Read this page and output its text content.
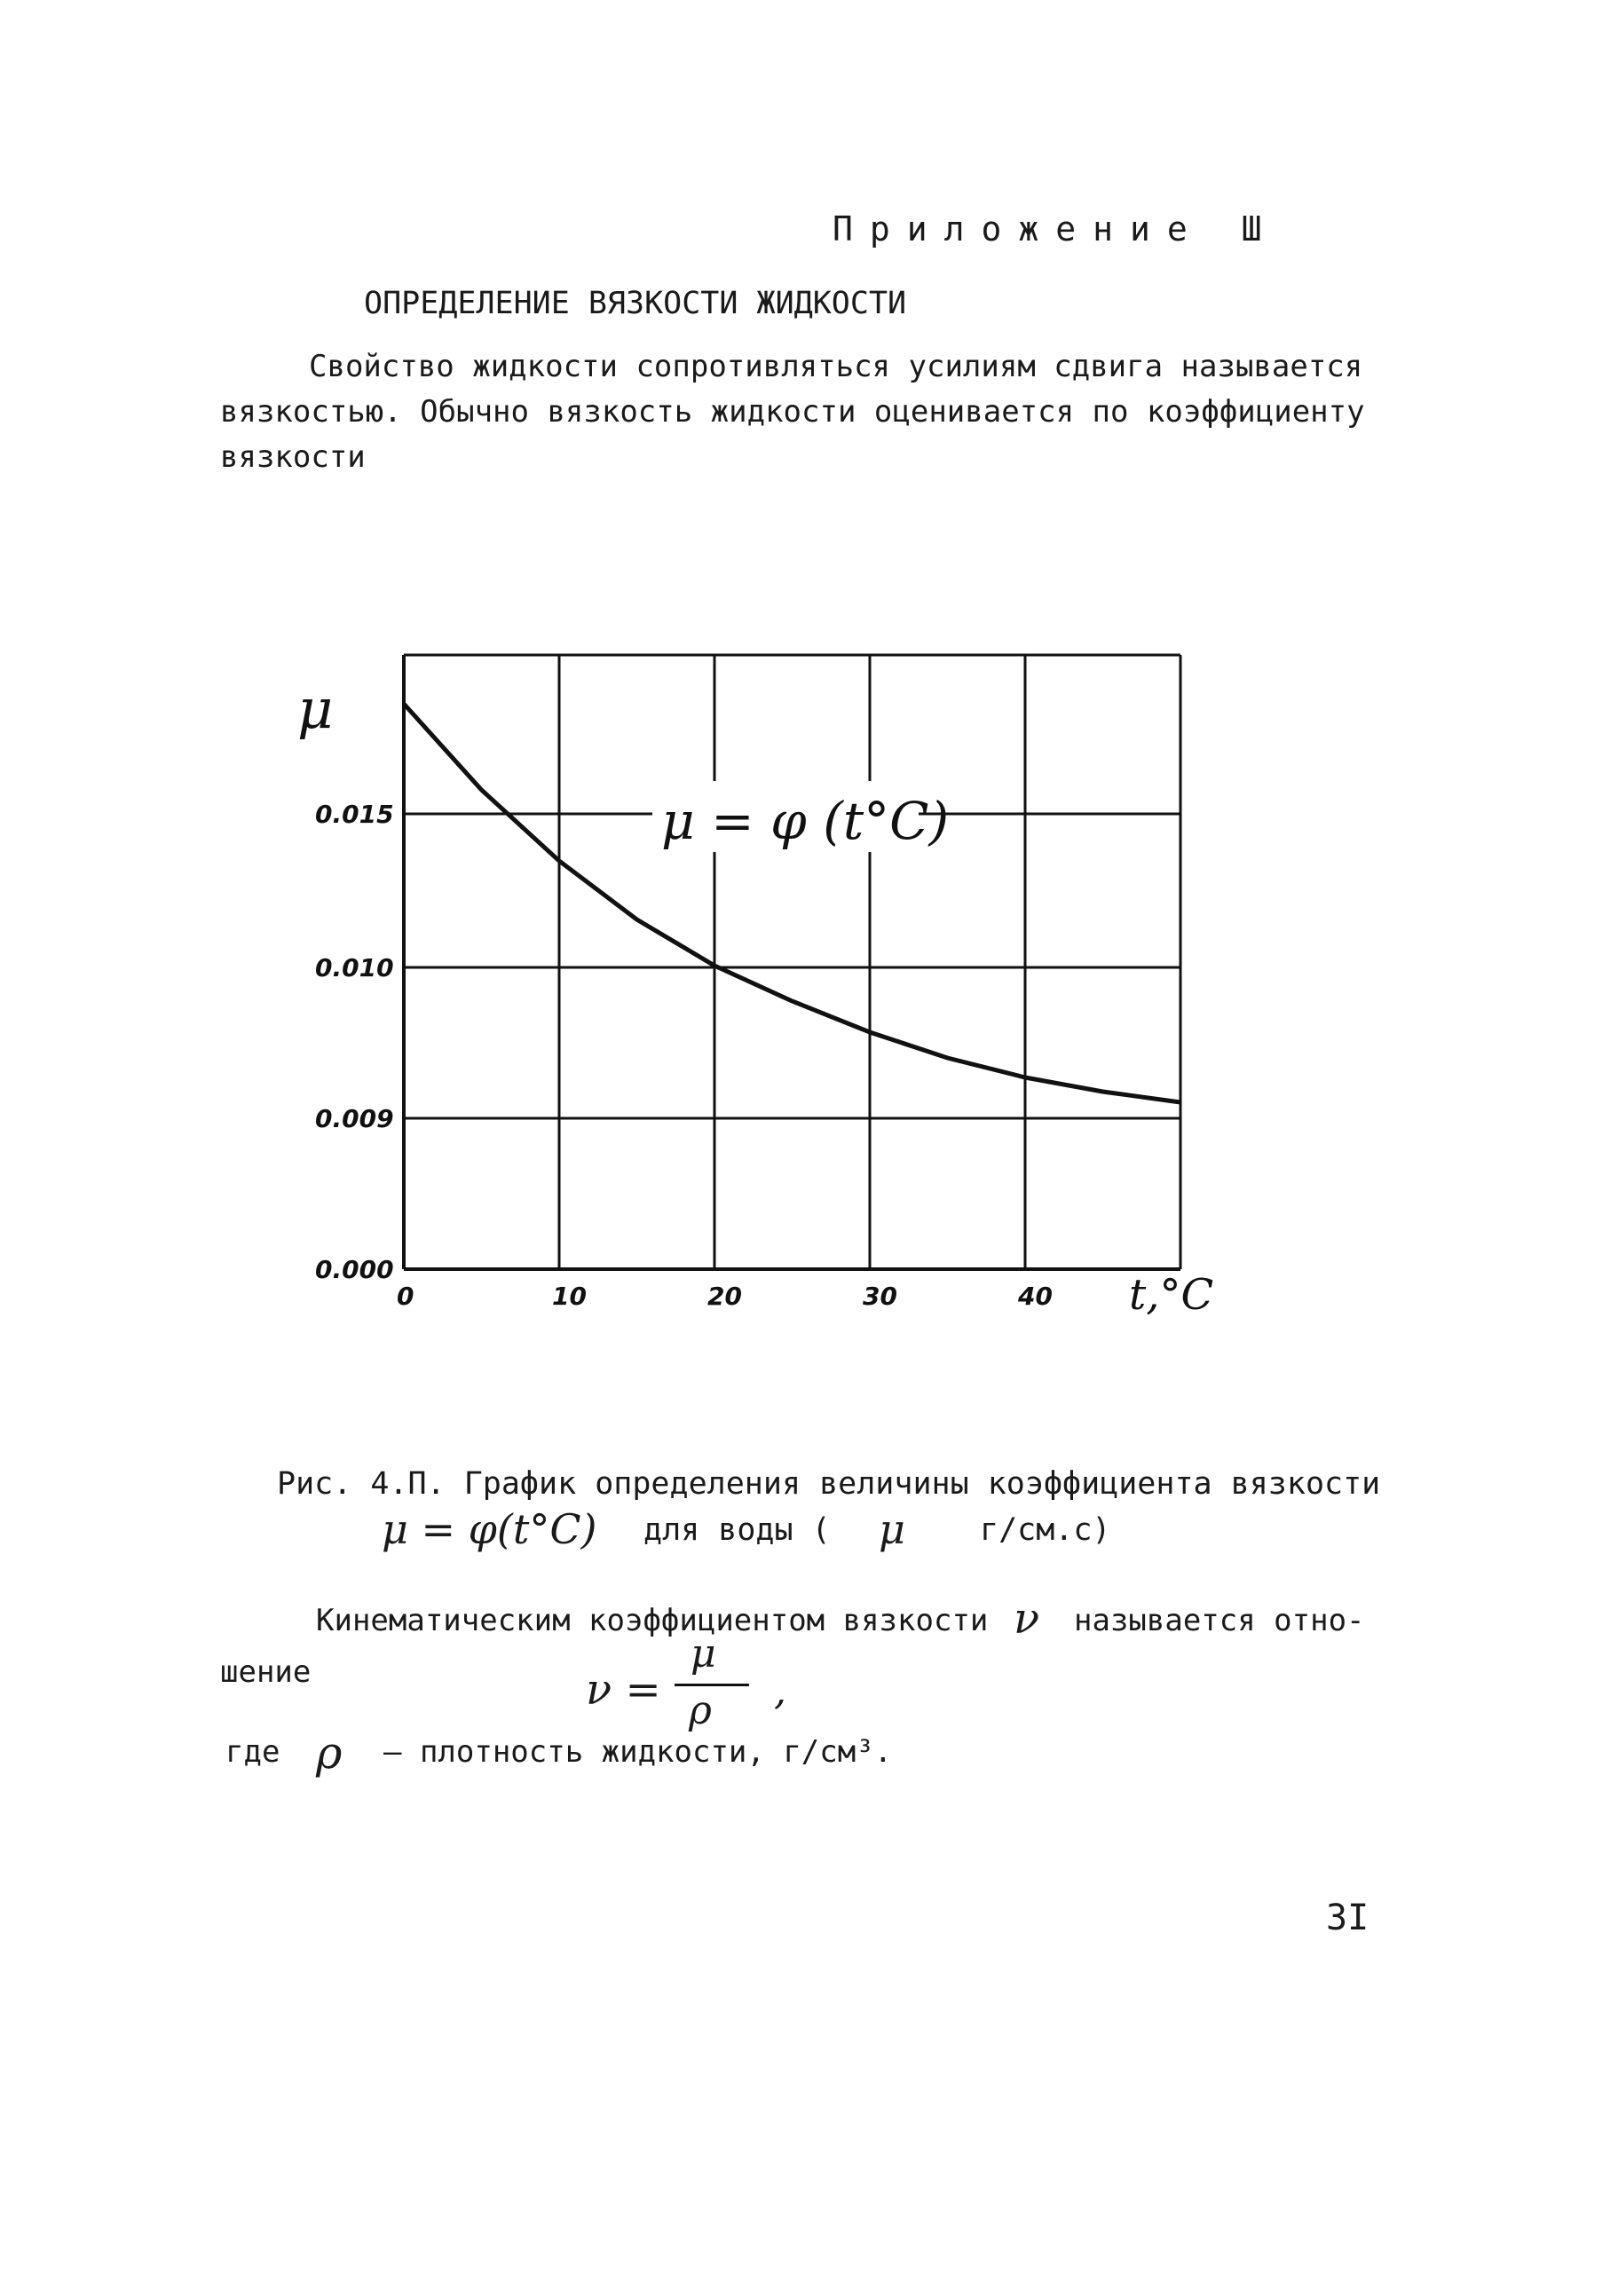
Приложение Ш
ОПРЕДЕЛЕНИЕ ВЯЗКОСТИ ЖИДКОСТИ
Свойство жидкости сопротивляться усилиям сдвига называется вязкостью. Обычно вязкость жидкости оценивается по коэффициенту вязкости
μ
t,°C
μ = φ (t°C)
0	10	20	30	40
0.000
0.009
0.010
0.015
Рис. 4.П. График определения величины коэффициента вязкости
μ = φ(t°C) для воды ( μ г/см.с)
Кинематическим коэффициентом вязкости ν называется отно-
шение	ν =
μ
ρ ,
где ρ – плотность жидкости, г/см³.
3I
